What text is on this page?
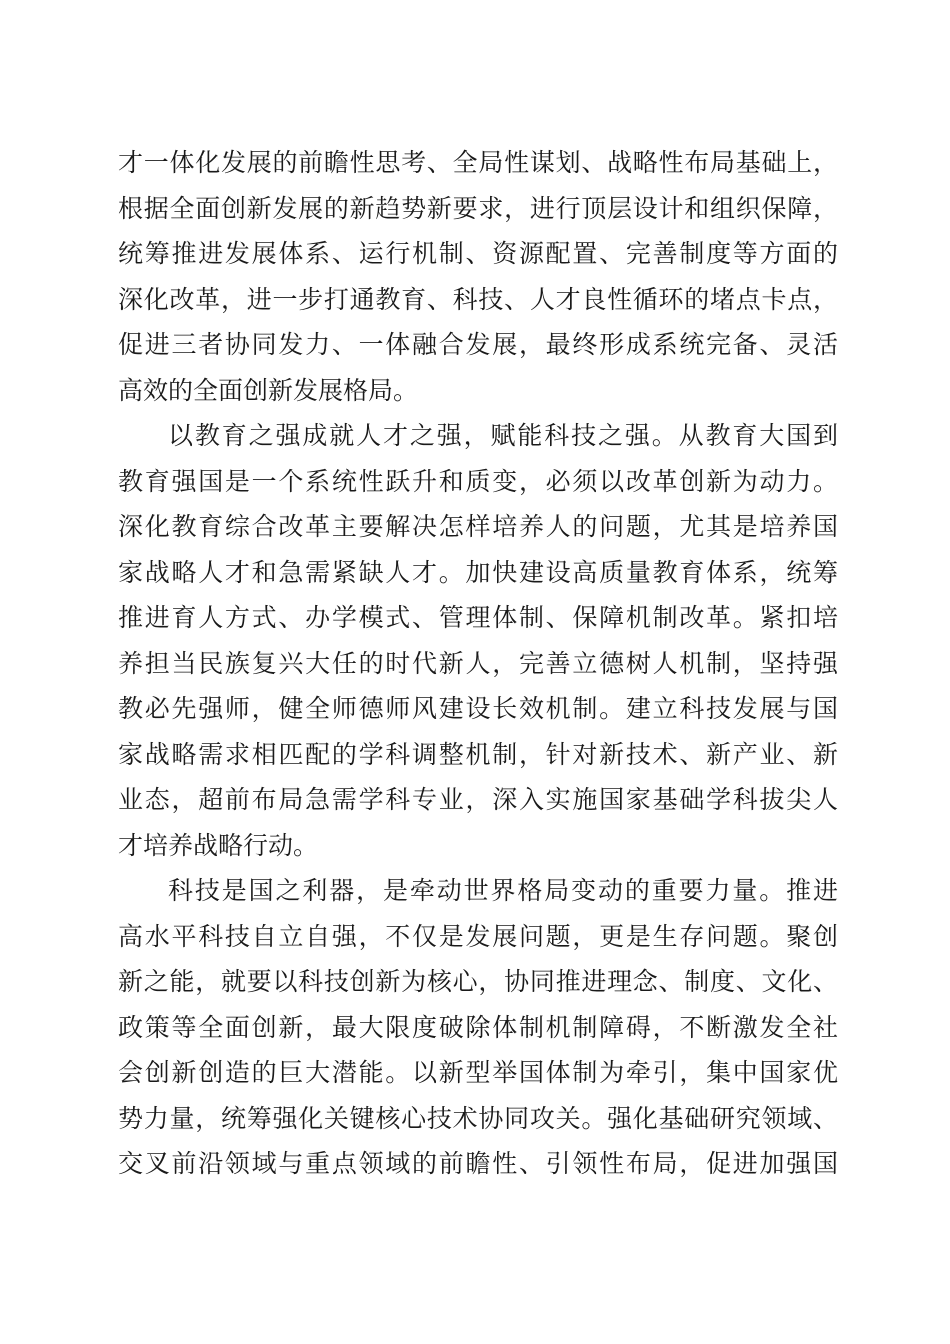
才一体化发展的前瞻性思考、全局性谋划、战略性布局基础上，
根据全面创新发展的新趋势新要求，进行顶层设计和组织保障，
统筹推进发展体系、运行机制、资源配置、完善制度等方面的
深化改革，进一步打通教育、科技、人才良性循环的堵点卡点，
促进三者协同发力、一体融合发展，最终形成系统完备、灵活
高效的全面创新发展格局。
以教育之强成就人才之强，赋能科技之强。从教育大国到
教育强国是一个系统性跃升和质变，必须以改革创新为动力。
深化教育综合改革主要解决怎样培养人的问题，尤其是培养国
家战略人才和急需紧缺人才。加快建设高质量教育体系，统筹
推进育人方式、办学模式、管理体制、保障机制改革。紧扣培
养担当民族复兴大任的时代新人，完善立德树人机制，坚持强
教必先强师，健全师德师风建设长效机制。建立科技发展与国
家战略需求相匹配的学科调整机制，针对新技术、新产业、新
业态，超前布局急需学科专业，深入实施国家基础学科拔尖人
才培养战略行动。
科技是国之利器，是牵动世界格局变动的重要力量。推进
高水平科技自立自强，不仅是发展问题，更是生存问题。聚创
新之能，就要以科技创新为核心，协同推进理念、制度、文化、
政策等全面创新，最大限度破除体制机制障碍，不断激发全社
会创新创造的巨大潜能。以新型举国体制为牵引，集中国家优
势力量，统筹强化关键核心技术协同攻关。强化基础研究领域、
交叉前沿领域与重点领域的前瞻性、引领性布局，促进加强国
